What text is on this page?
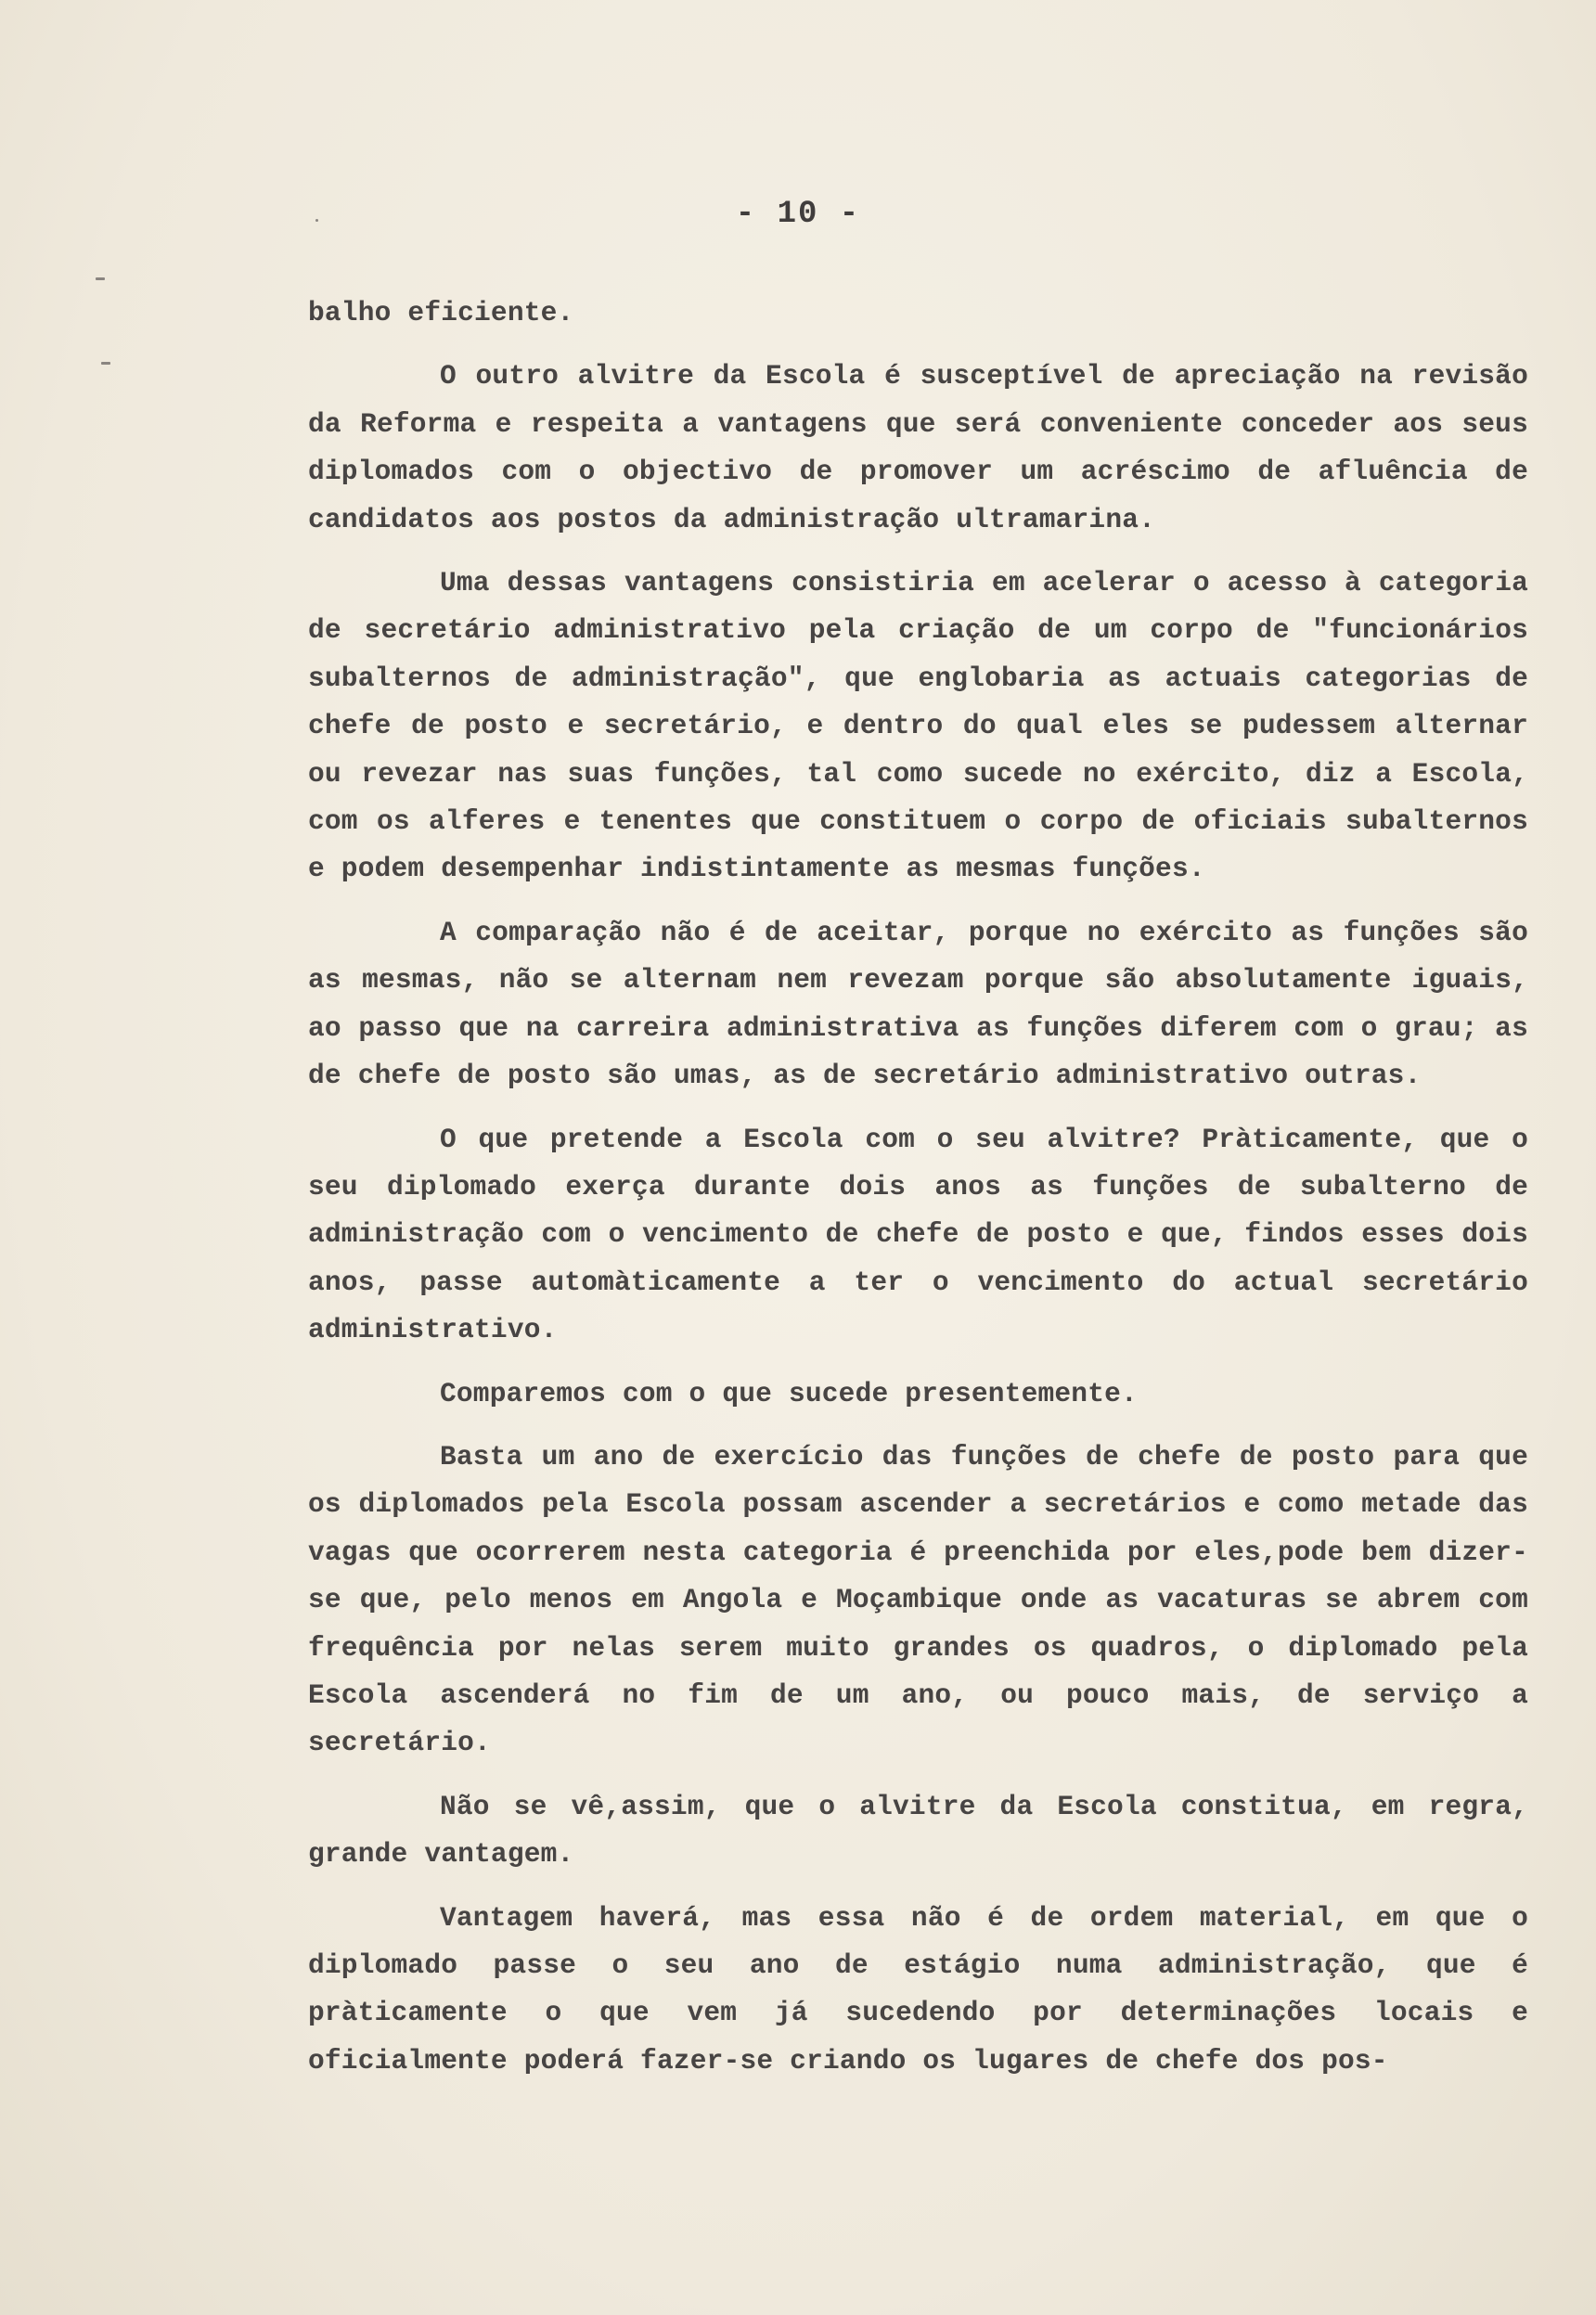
- 10 -

balho eficiente.

O outro alvitre da Escola é susceptível de apreciação na revisão da Reforma e respeita a vantagens que será conveniente conceder aos seus diplomados com o objectivo de promover um acréscimo de afluência de candidatos aos postos da administração ultramarina.

Uma dessas vantagens consistiria em acelerar o acesso à categoria de secretário administrativo pela criação de um corpo de "funcionários subalternos de administração", que englobaria as actuais categorias de chefe de posto e secretário, e dentro do qual eles se pudessem alternar ou revezar nas suas funções, tal como sucede no exército, diz a Escola, com os alferes e tenentes que constituem o corpo de oficiais subalternos e podem desempenhar indistintamente as mesmas funções.

A comparação não é de aceitar, porque no exército as funções são as mesmas, não se alternam nem revezam porque são absolutamente iguais, ao passo que na carreira administrativa as funções diferem com o grau; as de chefe de posto são umas, as de secretário administrativo outras.

O que pretende a Escola com o seu alvitre? Pràticamente, que o seu diplomado exerça durante dois anos as funções de subalterno de administração com o vencimento de chefe de posto e que, findos esses dois anos, passe automàticamente a ter o vencimento do actual secretário administrativo.

Comparemos com o que sucede presentemente.

Basta um ano de exercício das funções de chefe de posto para que os diplomados pela Escola possam ascender a secretários e como metade das vagas que ocorrerem nesta categoria é preenchida por eles,pode bem dizer-se que, pelo menos em Angola e Moçambique onde as vacaturas se abrem com frequência por nelas serem muito grandes os quadros, o diplomado pela Escola ascenderá no fim de um ano, ou pouco mais, de serviço a secretário.

Não se vê,assim, que o alvitre da Escola constitua, em regra, grande vantagem.

Vantagem haverá, mas essa não é de ordem material, em que o diplomado passe o seu ano de estágio numa administração, que é pràticamente o que vem já sucedendo por determinações locais e oficialmente poderá fazer-se criando os lugares de chefe dos pos-
